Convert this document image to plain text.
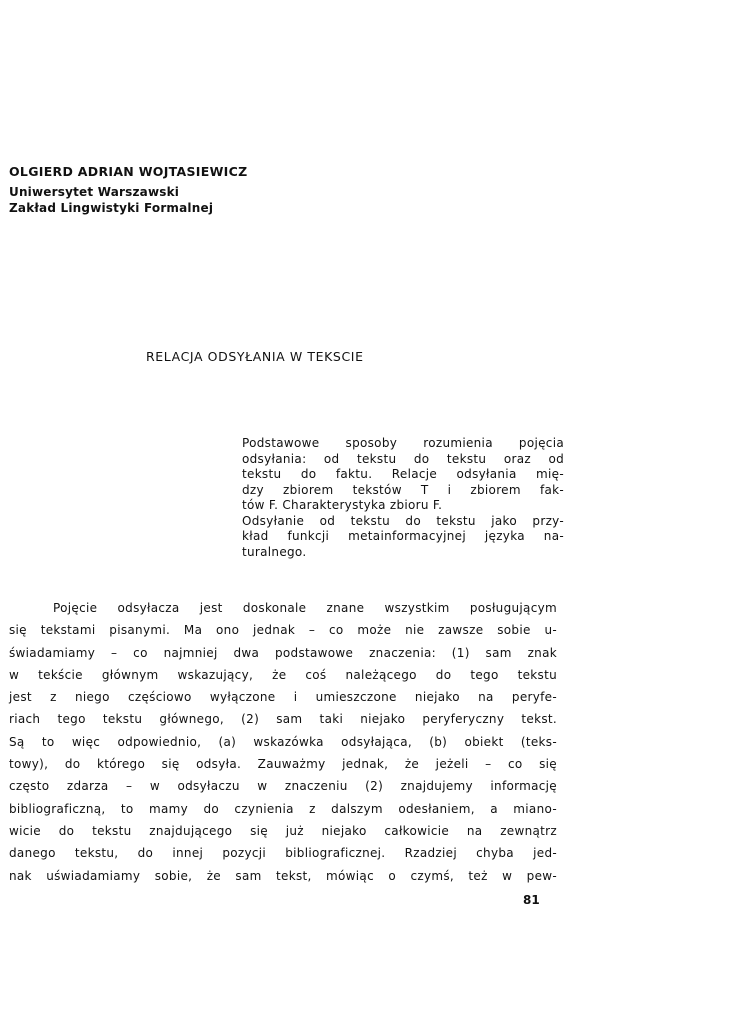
OLGIERD ADRIAN WOJTASIEWICZ
Uniwersytet Warszawski
Zakład Lingwistyki Formalnej
RELACJA ODSYŁANIA W TEKSCIE
Podstawowe sposoby rozumienia pojęcia
odsyłania: od tekstu do tekstu oraz od
tekstu do faktu. Relacje odsyłania mię-
dzy zbiorem tekstów T i zbiorem fak-
tów F. Charakterystyka zbioru F.
Odsyłanie od tekstu do tekstu jako przy-
kład funkcji metainformacyjnej języka na-
turalnego.
Pojęcie odsyłacza jest doskonale znane wszystkim posługującym
się tekstami pisanymi. Ma ono jednak – co może nie zawsze sobie u-
świadamiamy – co najmniej dwa podstawowe znaczenia: (1) sam znak
w tekście głównym wskazujący, że coś należącego do tego tekstu
jest z niego częściowo wyłączone i umieszczone niejako na peryfe-
riach tego tekstu głównego, (2) sam taki niejako peryferyczny tekst.
Są to więc odpowiednio, (a) wskazówka odsyłająca, (b) obiekt (teks-
towy), do którego się odsyła. Zauważmy jednak, że jeżeli – co się
często zdarza – w odsyłaczu w znaczeniu (2) znajdujemy informację
bibliograficzną, to mamy do czynienia z dalszym odesłaniem, a miano-
wicie do tekstu znajdującego się już niejako całkowicie na zewnątrz
danego tekstu, do innej pozycji bibliograficznej. Rzadziej chyba jed-
nak uświadamiamy sobie, że sam tekst, mówiąc o czymś, też w pew-
81
